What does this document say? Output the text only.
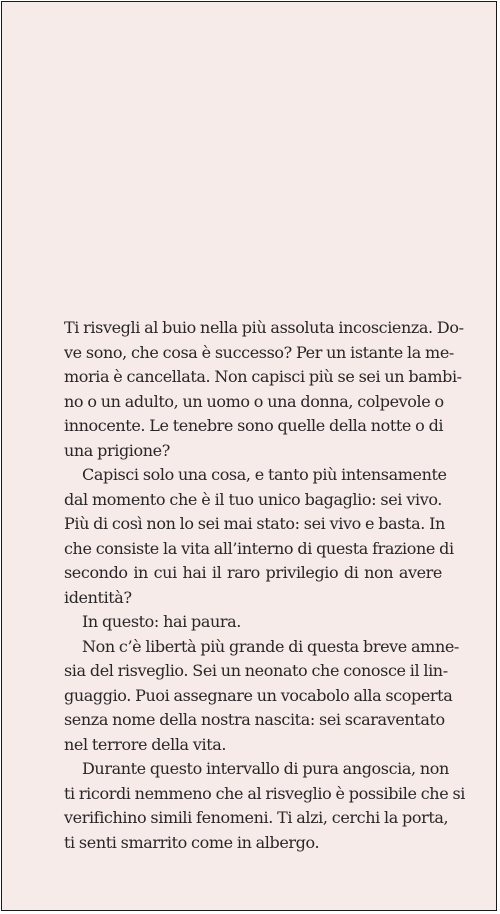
Ti risvegli al buio nella più assoluta incoscienza. Do-
ve sono, che cosa è successo? Per un istante la me-
moria è cancellata. Non capisci più se sei un bambi-
no o un adulto, un uomo o una donna, colpevole o
innocente. Le tenebre sono quelle della notte o di
una prigione?
Capisci solo una cosa, e tanto più intensamente
dal momento che è il tuo unico bagaglio: sei vivo.
Più di così non lo sei mai stato: sei vivo e basta. In
che consiste la vita all’interno di questa frazione di
secondo in cui hai il raro privilegio di non avere
identità?
In questo: hai paura.
Non c’è libertà più grande di questa breve amne-
sia del risveglio. Sei un neonato che conosce il lin-
guaggio. Puoi assegnare un vocabolo alla scoperta
senza nome della nostra nascita: sei scaraventato
nel terrore della vita.
Durante questo intervallo di pura angoscia, non
ti ricordi nemmeno che al risveglio è possibile che si
verifichino simili fenomeni. Ti alzi, cerchi la porta,
ti senti smarrito come in albergo.
